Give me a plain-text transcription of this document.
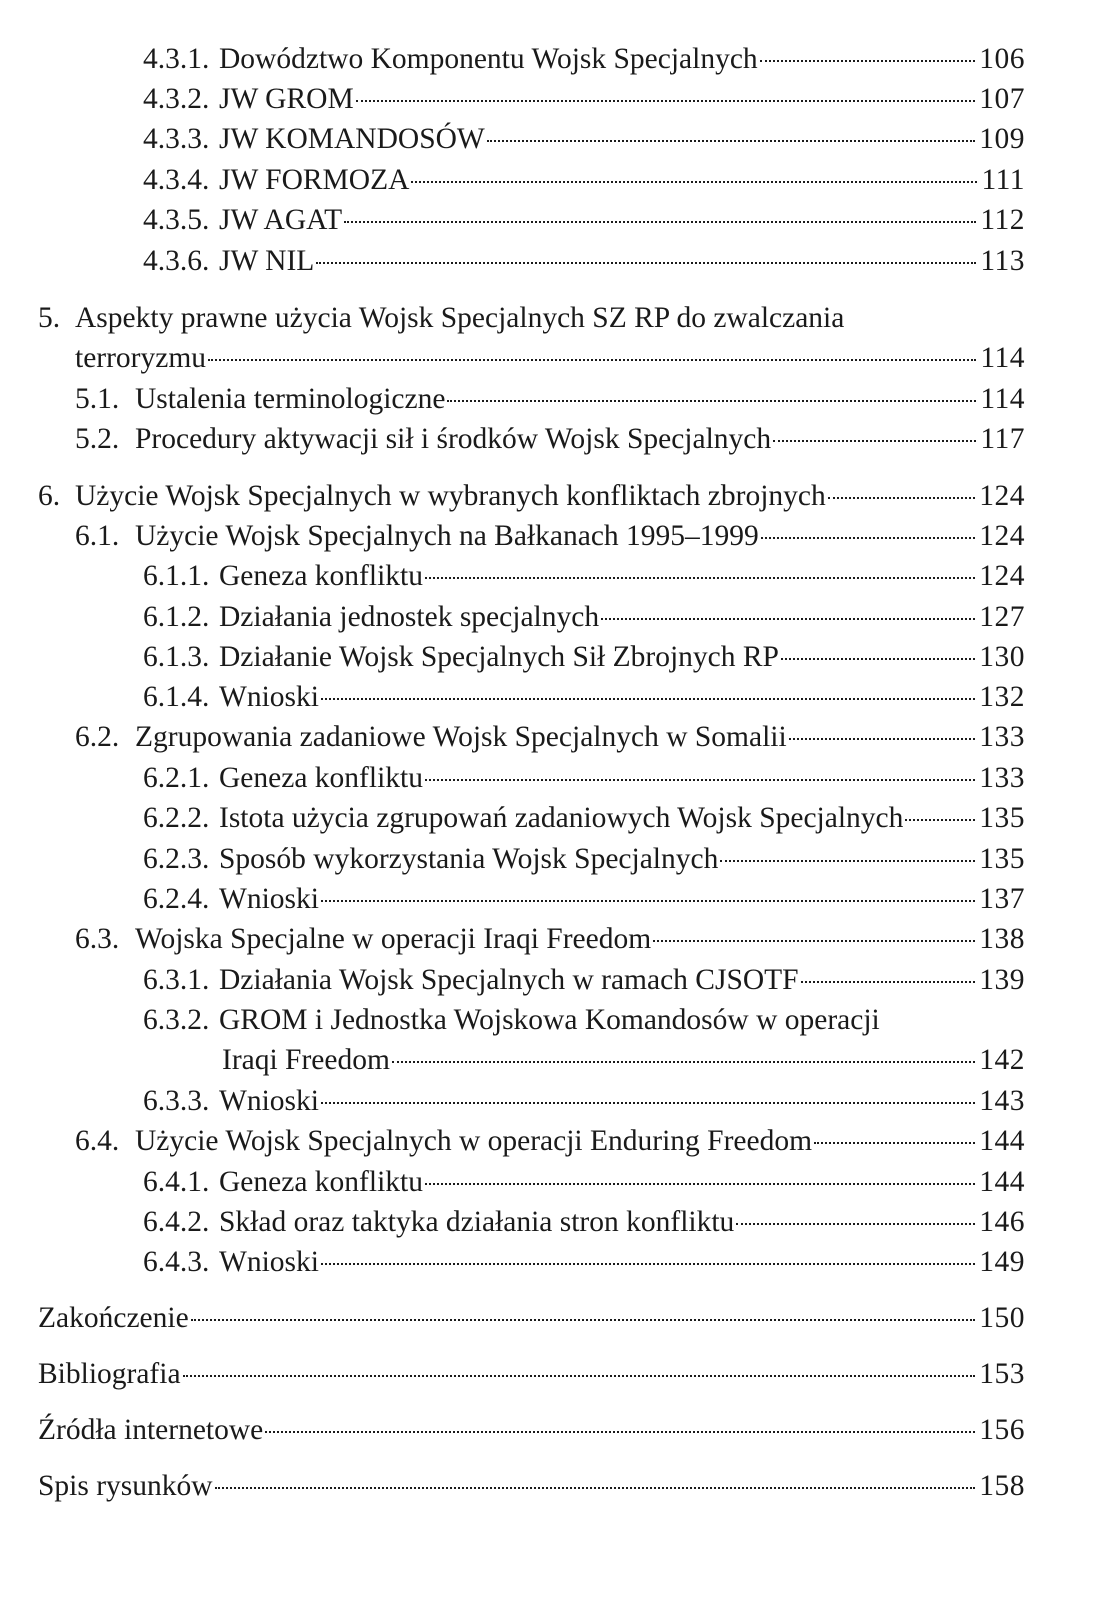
4.3.1. Dowództwo Komponentu Wojsk Specjalnych	106
4.3.2. JW GROM	107
4.3.3. JW KOMANDOSÓW	109
4.3.4. JW FORMOZA	111
4.3.5. JW AGAT	112
4.3.6. JW NIL	113
5. Aspekty prawne użycia Wojsk Specjalnych SZ RP do zwalczania
terroryzmu	114
5.1. Ustalenia terminologiczne	114
5.2. Procedury aktywacji sił i środków Wojsk Specjalnych	117
6. Użycie Wojsk Specjalnych w wybranych konfliktach zbrojnych	124
6.1. Użycie Wojsk Specjalnych na Bałkanach 1995–1999	124
6.1.1. Geneza konfliktu	124
6.1.2. Działania jednostek specjalnych	127
6.1.3. Działanie Wojsk Specjalnych Sił Zbrojnych RP	130
6.1.4. Wnioski	132
6.2. Zgrupowania zadaniowe Wojsk Specjalnych w Somalii	133
6.2.1. Geneza konfliktu	133
6.2.2. Istota użycia zgrupowań zadaniowych Wojsk Specjalnych	135
6.2.3. Sposób wykorzystania Wojsk Specjalnych	135
6.2.4. Wnioski	137
6.3. Wojska Specjalne w operacji Iraqi Freedom	138
6.3.1. Działania Wojsk Specjalnych w ramach CJSOTF	139
6.3.2. GROM i Jednostka Wojskowa Komandosów w operacji
Iraqi Freedom	142
6.3.3. Wnioski	143
6.4. Użycie Wojsk Specjalnych w operacji Enduring Freedom	144
6.4.1. Geneza konfliktu	144
6.4.2. Skład oraz taktyka działania stron konfliktu	146
6.4.3. Wnioski	149
Zakończenie	150
Bibliografia	153
Źródła internetowe	156
Spis rysunków	158
